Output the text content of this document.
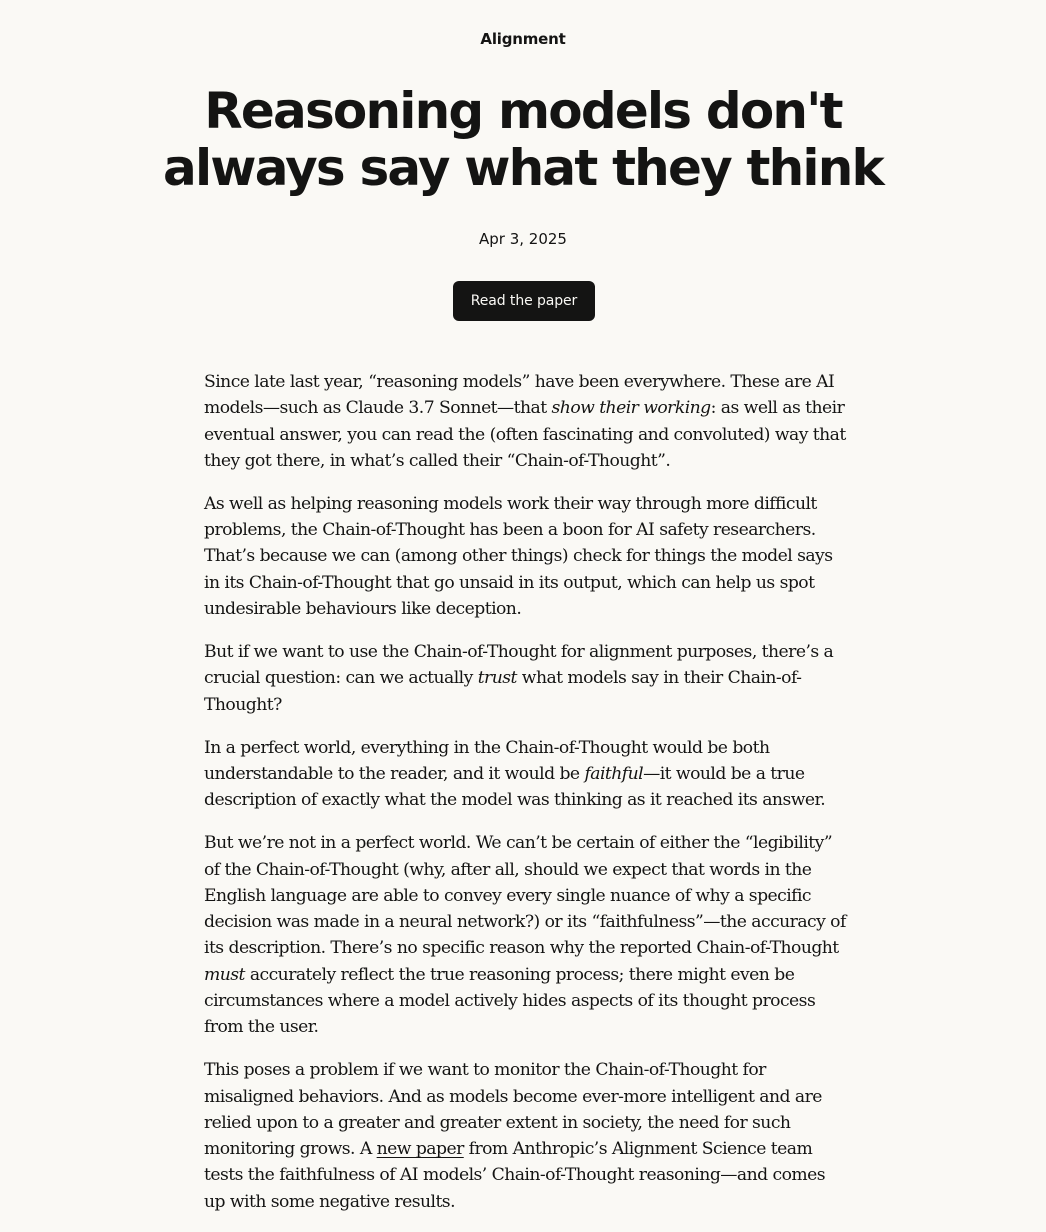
Alignment
Reasoning models don't
always say what they think
Apr 3, 2025
Read the paper

Since late last year, “reasoning models” have been everywhere. These are AI models—such as Claude 3.7 Sonnet—that show their working: as well as their eventual answer, you can read the (often fascinating and convoluted) way that they got there, in what’s called their “Chain-of-Thought”.

As well as helping reasoning models work their way through more difficult problems, the Chain-of-Thought has been a boon for AI safety researchers. That’s because we can (among other things) check for things the model says in its Chain-of-Thought that go unsaid in its output, which can help us spot undesirable behaviours like deception.

But if we want to use the Chain-of-Thought for alignment purposes, there’s a crucial question: can we actually trust what models say in their Chain-of-Thought?

In a perfect world, everything in the Chain-of-Thought would be both understandable to the reader, and it would be faithful—it would be a true description of exactly what the model was thinking as it reached its answer.

But we’re not in a perfect world. We can’t be certain of either the “legibility” of the Chain-of-Thought (why, after all, should we expect that words in the English language are able to convey every single nuance of why a specific decision was made in a neural network?) or its “faithfulness”—the accuracy of its description. There’s no specific reason why the reported Chain-of-Thought must accurately reflect the true reasoning process; there might even be circumstances where a model actively hides aspects of its thought process from the user.

This poses a problem if we want to monitor the Chain-of-Thought for misaligned behaviors. And as models become ever-more intelligent and are relied upon to a greater and greater extent in society, the need for such monitoring grows. A new paper from Anthropic’s Alignment Science team tests the faithfulness of AI models’ Chain-of-Thought reasoning—and comes up with some negative results.
